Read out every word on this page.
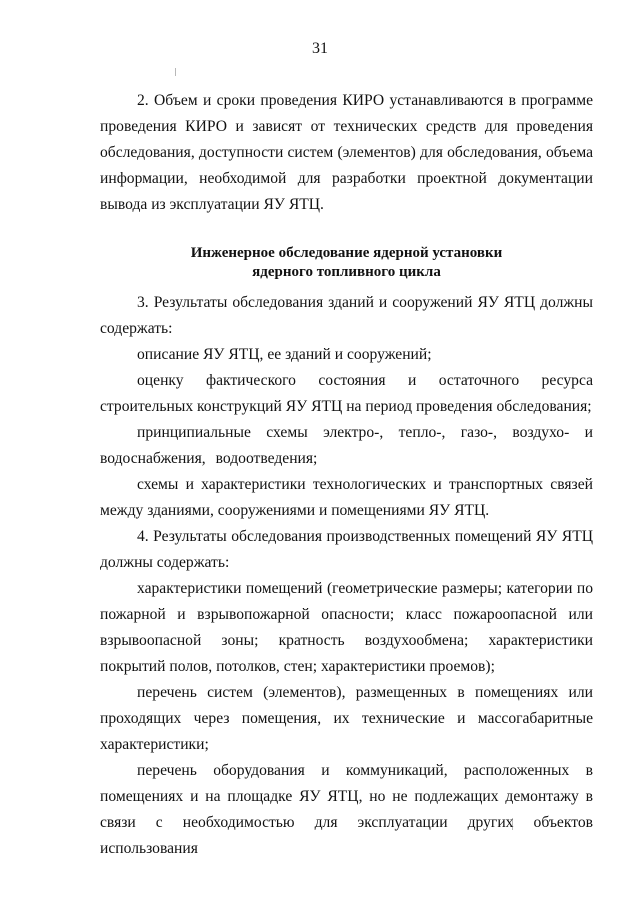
31

2. Объем и сроки проведения КИРО устанавливаются в программе проведения КИРО и зависят от технических средств для проведения обследования, доступности систем (элементов) для обследования, объема информации, необходимой для разработки проектной документации вывода из эксплуатации ЯУ ЯТЦ.

Инженерное обследование ядерной установки
ядерного топливного цикла

3. Результаты обследования зданий и сооружений ЯУ ЯТЦ должны содержать:

описание ЯУ ЯТЦ, ее зданий и сооружений;

оценку фактического состояния и остаточного ресурса строительных конструкций ЯУ ЯТЦ на период проведения обследования;

принципиальные схемы электро-, тепло-, газо-, воздухо- и водоснабжения, водоотведения;

схемы и характеристики технологических и транспортных связей между зданиями, сооружениями и помещениями ЯУ ЯТЦ.

4. Результаты обследования производственных помещений ЯУ ЯТЦ должны содержать:

характеристики помещений (геометрические размеры; категории по пожарной и взрывопожарной опасности; класс пожароопасной или взрывоопасной зоны; кратность воздухообмена; характеристики покрытий полов, потолков, стен; характеристики проемов);

перечень систем (элементов), размещенных в помещениях или проходящих через помещения, их технические и массогабаритные характеристики;

перечень оборудования и коммуникаций, расположенных в помещениях и на площадке ЯУ ЯТЦ, но не подлежащих демонтажу в связи с необходимостью для эксплуатации других объектов использования
